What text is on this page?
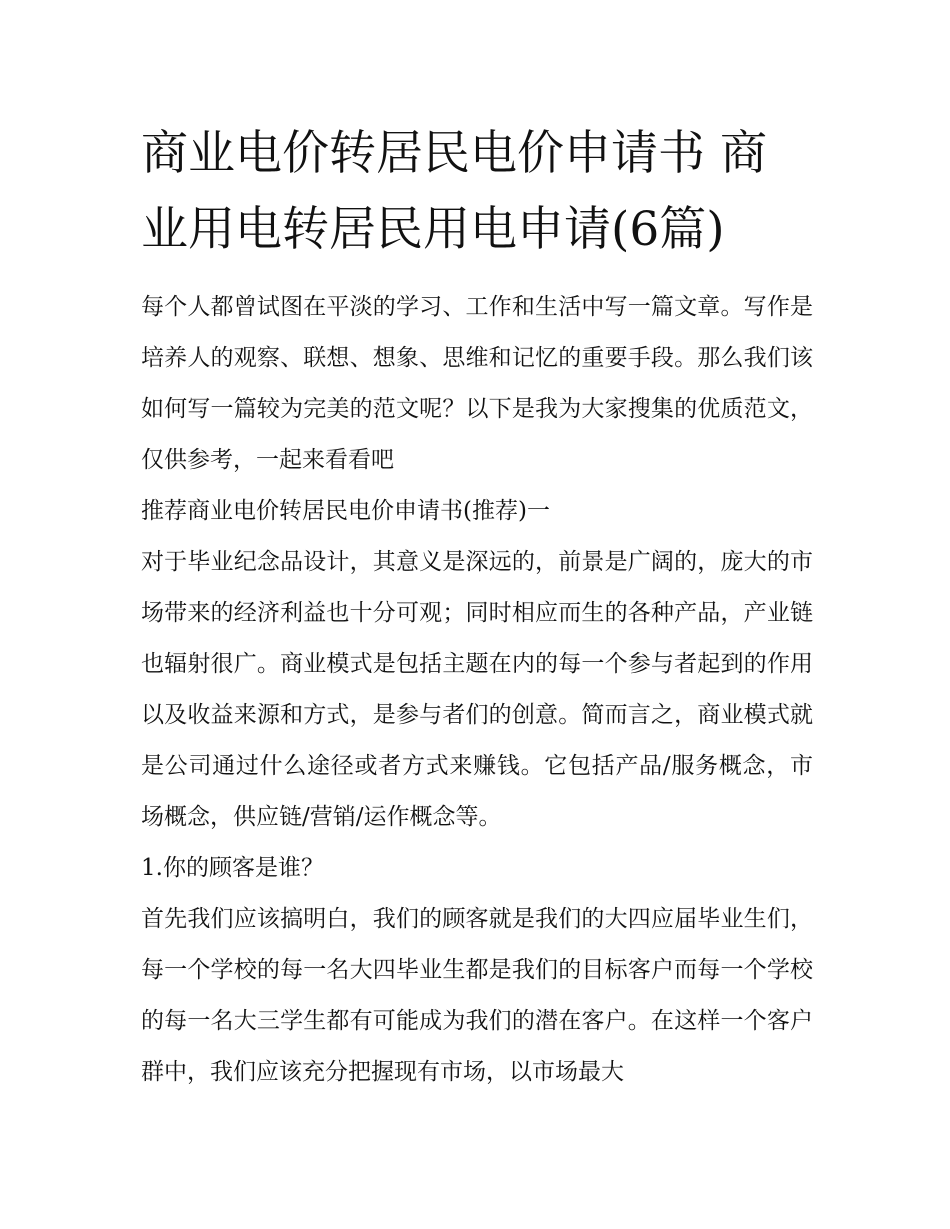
商业电价转居民电价申请书 商业用电转居民用电申请(6篇)

每个人都曾试图在平淡的学习、工作和生活中写一篇文章。写作是培养人的观察、联想、想象、思维和记忆的重要手段。那么我们该如何写一篇较为完美的范文呢？以下是我为大家搜集的优质范文，仅供参考，一起来看看吧

推荐商业电价转居民电价申请书(推荐)一

对于毕业纪念品设计，其意义是深远的，前景是广阔的，庞大的市场带来的经济利益也十分可观；同时相应而生的各种产品，产业链也辐射很广。商业模式是包括主题在内的每一个参与者起到的作用以及收益来源和方式，是参与者们的创意。简而言之，商业模式就是公司通过什么途径或者方式来赚钱。它包括产品/服务概念，市场概念，供应链/营销/运作概念等。

1.你的顾客是谁？

首先我们应该搞明白，我们的顾客就是我们的大四应届毕业生们，每一个学校的每一名大四毕业生都是我们的目标客户而每一个学校的每一名大三学生都有可能成为我们的潜在客户。在这样一个客户群中，我们应该充分把握现有市场，以市场最大
